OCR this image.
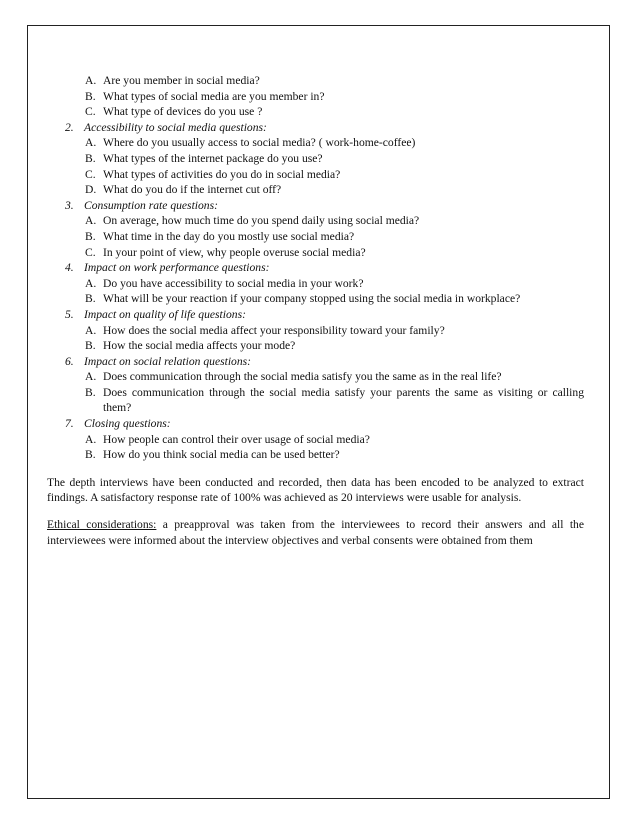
A. Are you member in social media?
B. What types of social media are you member in?
C. What type of devices do you use ?
2. Accessibility to social media questions:
A. Where do you usually access to social media? ( work-home-coffee)
B. What types of the internet package do you use?
C. What types of activities do you do in social media?
D. What do you do if the internet cut off?
3. Consumption rate questions:
A. On average, how much time do you spend daily using social media?
B. What time in the day do you mostly use social media?
C. In your point of view, why people overuse social media?
4. Impact on work performance questions:
A. Do you have accessibility to social media in your work?
B. What will be your reaction if your company stopped using the social media in workplace?
5. Impact on quality of life questions:
A. How does the social media affect your responsibility toward your family?
B. How the social media affects your mode?
6. Impact on social relation questions:
A. Does communication through the social media satisfy you the same as in the real life?
B. Does communication through the social media satisfy your parents the same as visiting or calling them?
7. Closing questions:
A. How people can control their over usage of social media?
B. How do you think social media can be used better?
The depth interviews have been conducted and recorded, then data has been encoded to be analyzed to extract findings. A satisfactory response rate of 100% was achieved as 20 interviews were usable for analysis.
Ethical considerations: a preapproval was taken from the interviewees to record their answers and all the interviewees were informed about the interview objectives and verbal consents were obtained from them
